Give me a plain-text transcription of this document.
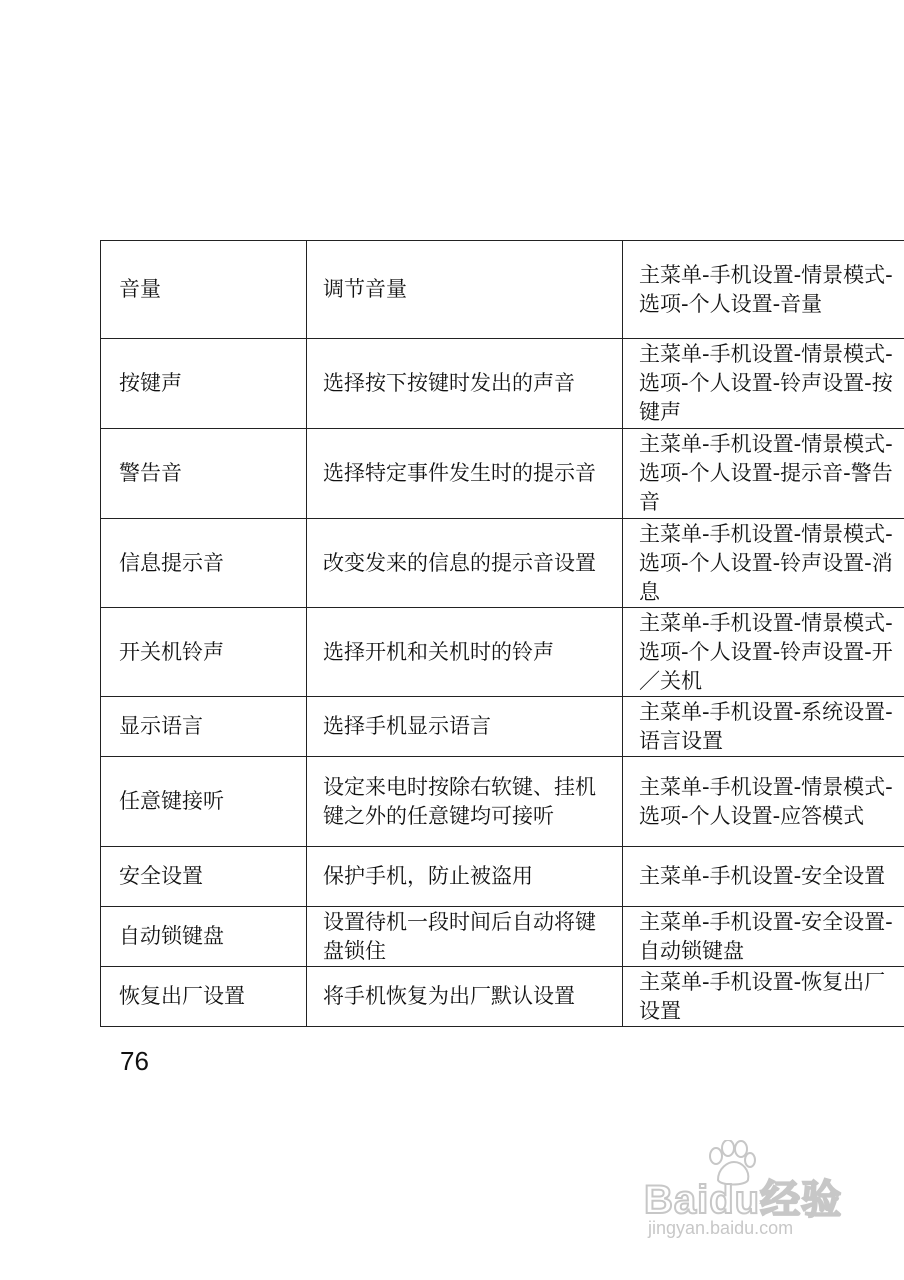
音量	调节音量	主菜单-手机设置-情景模式-选项-个人设置-音量
按键声	选择按下按键时发出的声音	主菜单-手机设置-情景模式-选项-个人设置-铃声设置-按键声
警告音	选择特定事件发生时的提示音	主菜单-手机设置-情景模式-选项-个人设置-提示音-警告音
信息提示音	改变发来的信息的提示音设置	主菜单-手机设置-情景模式-选项-个人设置-铃声设置-消息
开关机铃声	选择开机和关机时的铃声	主菜单-手机设置-情景模式-选项-个人设置-铃声设置-开／关机
显示语言	选择手机显示语言	主菜单-手机设置-系统设置-语言设置
任意键接听	设定来电时按除右软键、挂机键之外的任意键均可接听	主菜单-手机设置-情景模式-选项-个人设置-应答模式
安全设置	保护手机，防止被盗用	主菜单-手机设置-安全设置
自动锁键盘	设置待机一段时间后自动将键盘锁住	主菜单-手机设置-安全设置-自动锁键盘
恢复出厂设置	将手机恢复为出厂默认设置	主菜单-手机设置-恢复出厂设置
76
Baidu经验
jingyan.baidu.com
